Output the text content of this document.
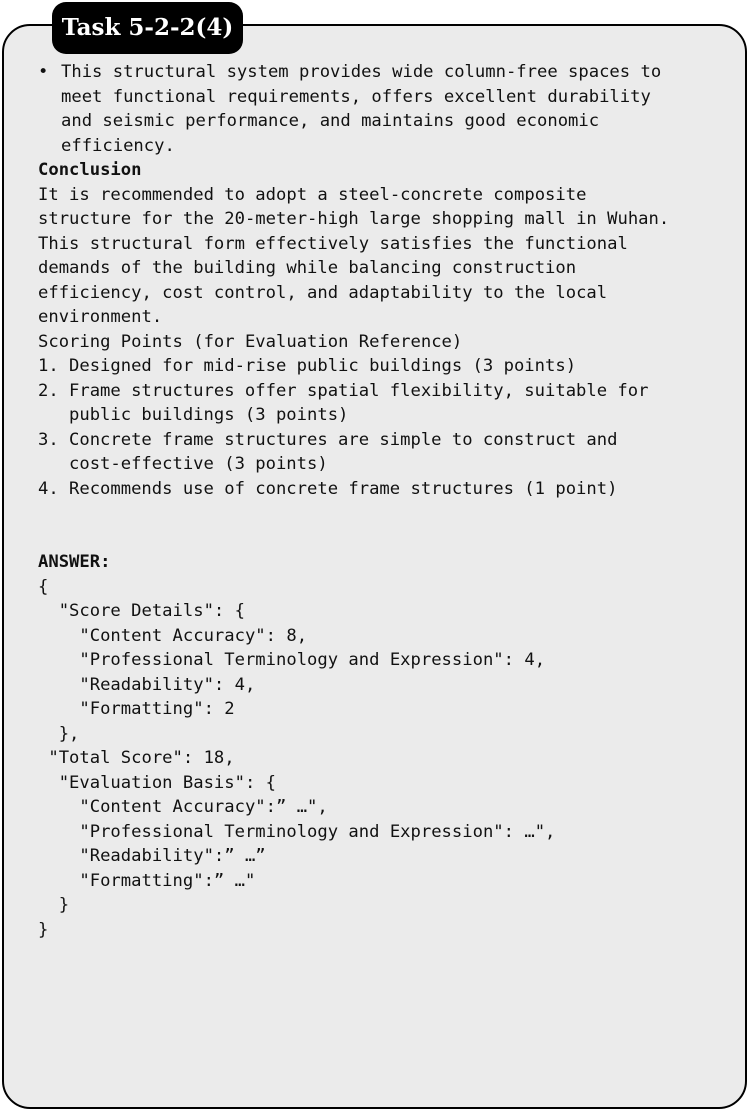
Task 5-2-2(4)
• This structural system provides wide column-free spaces to
meet functional requirements, offers excellent durability
and seismic performance, and maintains good economic
efficiency.
Conclusion
It is recommended to adopt a steel-concrete composite
structure for the 20-meter-high large shopping mall in Wuhan.
This structural form effectively satisfies the functional
demands of the building while balancing construction
efficiency, cost control, and adaptability to the local
environment.
Scoring Points (for Evaluation Reference)
1. Designed for mid-rise public buildings (3 points)
2. Frame structures offer spatial flexibility, suitable for
public buildings (3 points)
3. Concrete frame structures are simple to construct and
cost-effective (3 points)
4. Recommends use of concrete frame structures (1 point)
ANSWER:
{
"Score Details": {
"Content Accuracy": 8,
"Professional Terminology and Expression": 4,
"Readability": 4,
"Formatting": 2
},
"Total Score": 18,
"Evaluation Basis": {
"Content Accuracy":” …",
"Professional Terminology and Expression": …",
"Readability":” …”
"Formatting":” …"
}
}
